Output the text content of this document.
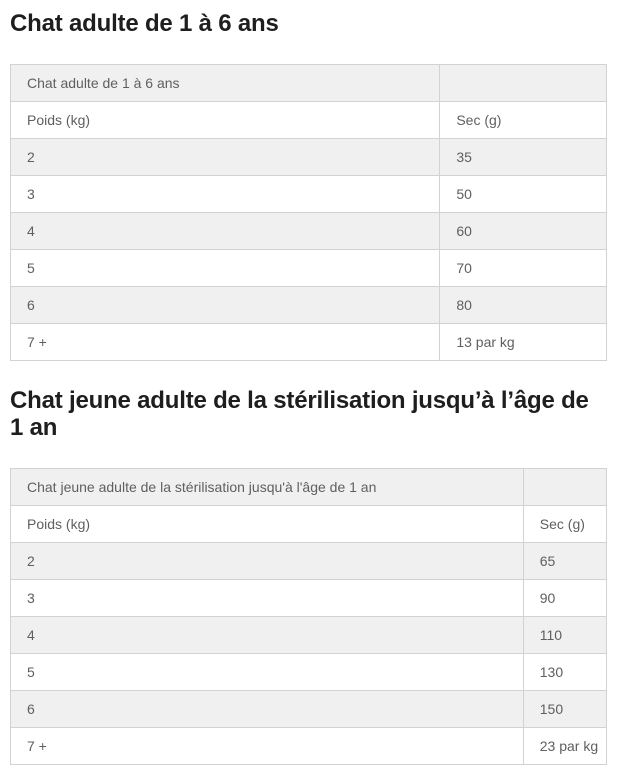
Chat adulte de 1 à 6 ans
Chat adulte de 1 à 6 ans	
Poids (kg)	Sec (g)
2	35
3	50
4	60
5	70
6	80
7 +	13 par kg
Chat jeune adulte de la stérilisation jusqu’à l’âge de 1 an
Chat jeune adulte de la stérilisation jusqu'à l'âge de 1 an	
Poids (kg)	Sec (g)
2	65
3	90
4	110
5	130
6	150
7 +	23 par kg
